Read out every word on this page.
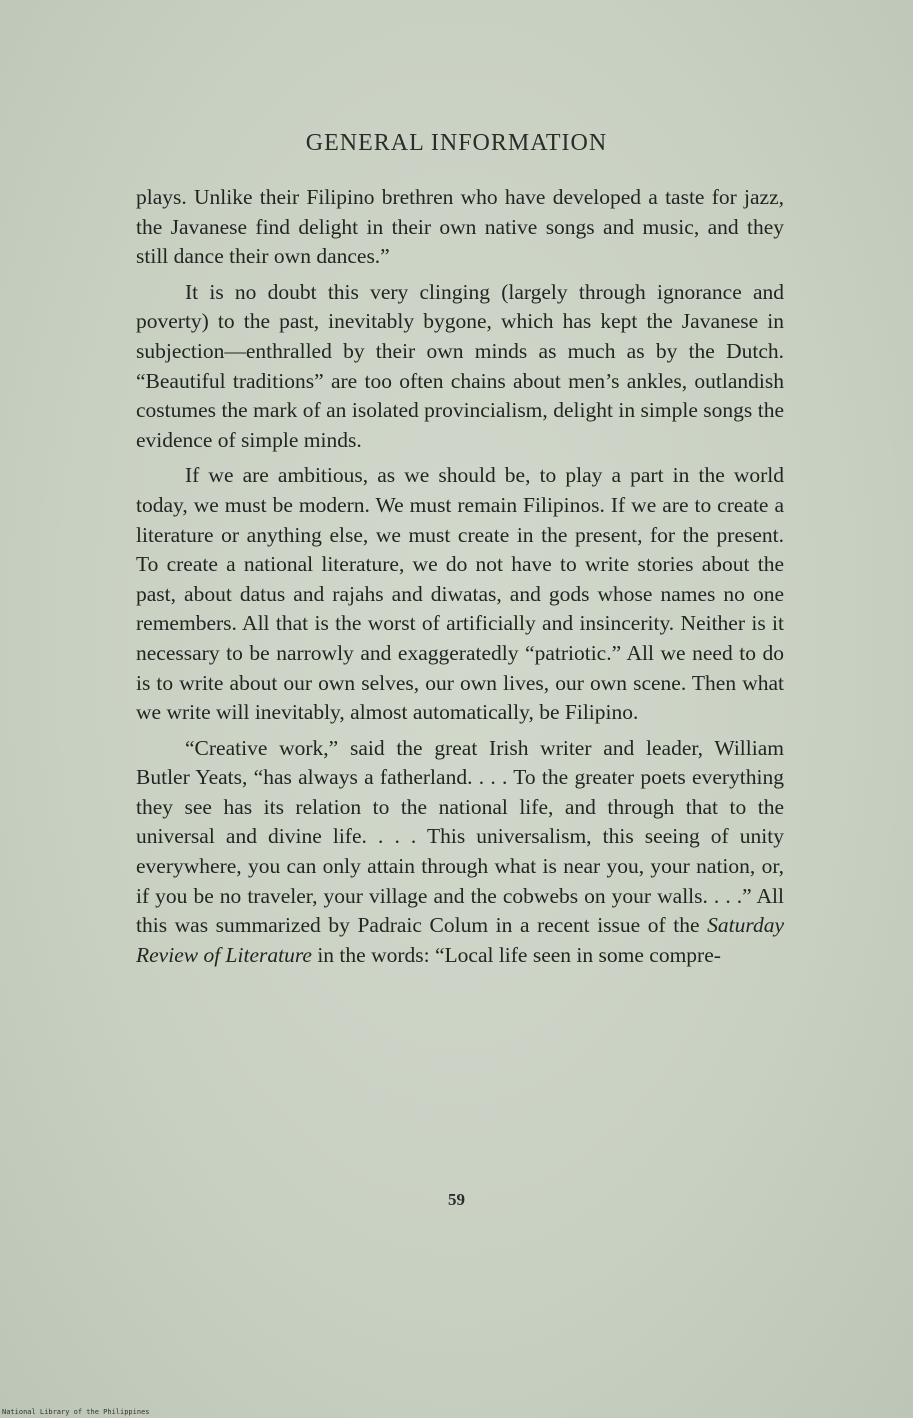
GENERAL INFORMATION

plays. Unlike their Filipino brethren who have developed a taste for jazz, the Javanese find delight in their own native songs and music, and they still dance their own dances.”

It is no doubt this very clinging (largely through ignorance and poverty) to the past, inevitably bygone, which has kept the Javanese in subjection—enthralled by their own minds as much as by the Dutch. “Beautiful traditions” are too often chains about men’s ankles, outlandish costumes the mark of an isolated provincialism, delight in simple songs the evidence of simple minds.

If we are ambitious, as we should be, to play a part in the world today, we must be modern. We must remain Filipinos. If we are to create a literature or anything else, we must create in the present, for the present. To create a national literature, we do not have to write stories about the past, about datus and rajahs and diwatas, and gods whose names no one remembers. All that is the worst of artificially and insincerity. Neither is it necessary to be narrowly and exaggeratedly “patriotic.” All we need to do is to write about our own selves, our own lives, our own scene. Then what we write will inevitably, almost automatically, be Filipino.

“Creative work,” said the great Irish writer and leader, William Butler Yeats, “has always a fatherland. . . . To the greater poets everything they see has its relation to the national life, and through that to the universal and divine life. . . . This universalism, this seeing of unity everywhere, you can only attain through what is near you, your nation, or, if you be no traveler, your village and the cobwebs on your walls. . . .” All this was summarized by Padraic Colum in a recent issue of the Saturday Review of Literature in the words: “Local life seen in some compre-

59
National Library of the Philippines
